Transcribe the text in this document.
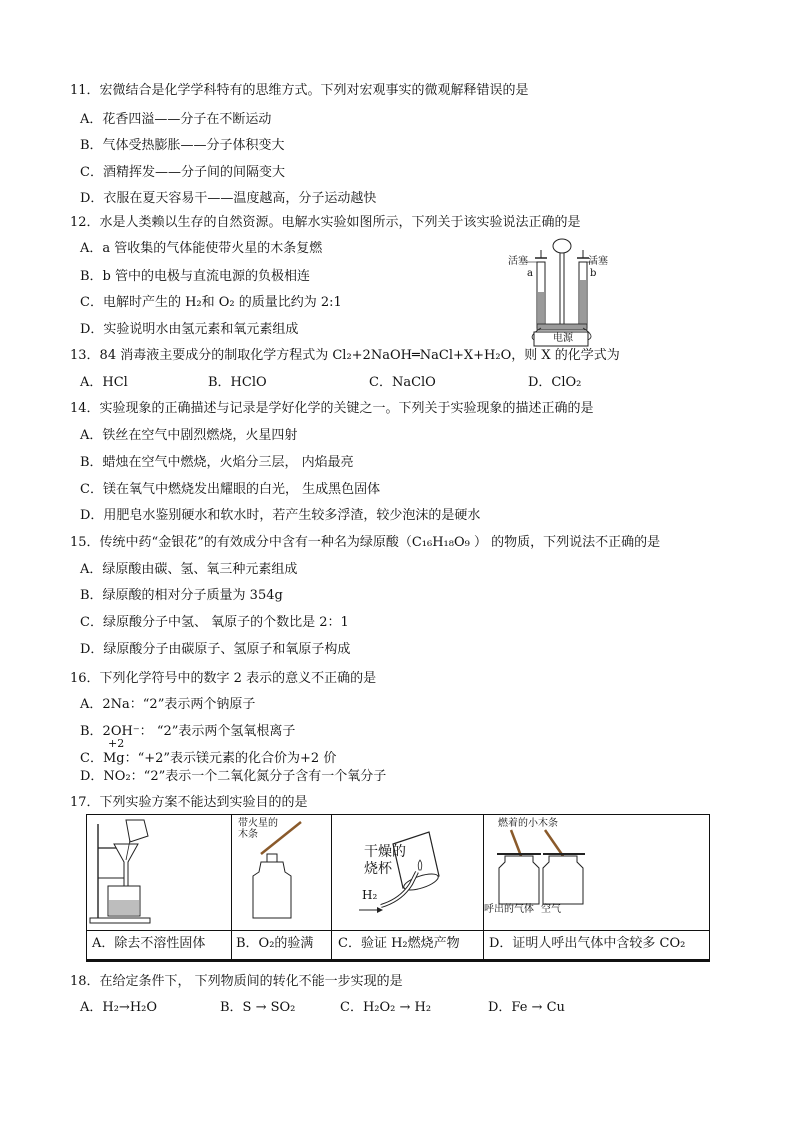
11．宏微结合是化学学科特有的思维方式。下列对宏观事实的微观解释错误的是
A．花香四溢——分子在不断运动
B．气体受热膨胀——分子体积变大
C．酒精挥发——分子间的间隔变大
D．衣服在夏天容易干——温度越高，分子运动越快
12．水是人类赖以生存的自然资源。电解水实验如图所示，下列关于该实验说法正确的是
A．a 管收集的气体能使带火星的木条复燃
B．b 管中的电极与直流电源的负极相连
C．电解时产生的 H₂和 O₂ 的质量比约为 2:1
D．实验说明水由氢元素和氧元素组成
活塞	活塞
a	b
电源
13．84 消毒液主要成分的制取化学方程式为 Cl₂+2NaOH═NaCl+X+H₂O，则 X 的化学式为
A．HCl	B．HClO	C．NaClO	D．ClO₂
14．实验现象的正确描述与记录是学好化学的关键之一。下列关于实验现象的描述正确的是
A．铁丝在空气中剧烈燃烧，火星四射
B．蜡烛在空气中燃烧，火焰分三层， 内焰最亮
C．镁在氧气中燃烧发出耀眼的白光， 生成黑色固体
D．用肥皂水鉴别硬水和软水时，若产生较多浮渣，较少泡沫的是硬水
15．传统中药“金银花”的有效成分中含有一种名为绿原酸（C₁₆H₁₈O₉ ） 的物质，下列说法不正确的是
A．绿原酸由碳、氢、氧三种元素组成
B．绿原酸的相对分子质量为 354g
C．绿原酸分子中氢、 氧原子的个数比是 2：1
D．绿原酸分子由碳原子、氢原子和氧原子构成
16．下列化学符号中的数字 2 表示的意义不正确的是
A．2Na：“2”表示两个钠原子
B．2OH⁻： “2”表示两个氢氧根离子
+2
C．Mg：“+2”表示镁元素的化合价为+2 价
D．NO₂：“2”表示一个二氧化氮分子含有一个氧分子
17．下列实验方案不能达到实验目的的是
带火星的木条
干燥的烧杯
H₂
燃着的小木条
呼出的气体 空气
A．除去不溶性固体 B．O₂的验满 C．验证 H₂燃烧产物 D．证明人呼出气体中含较多 CO₂
18．在给定条件下， 下列物质间的转化不能一步实现的是
A．H₂→H₂O	B．S → SO₂	C．H₂O₂ → H₂	D．Fe → Cu
